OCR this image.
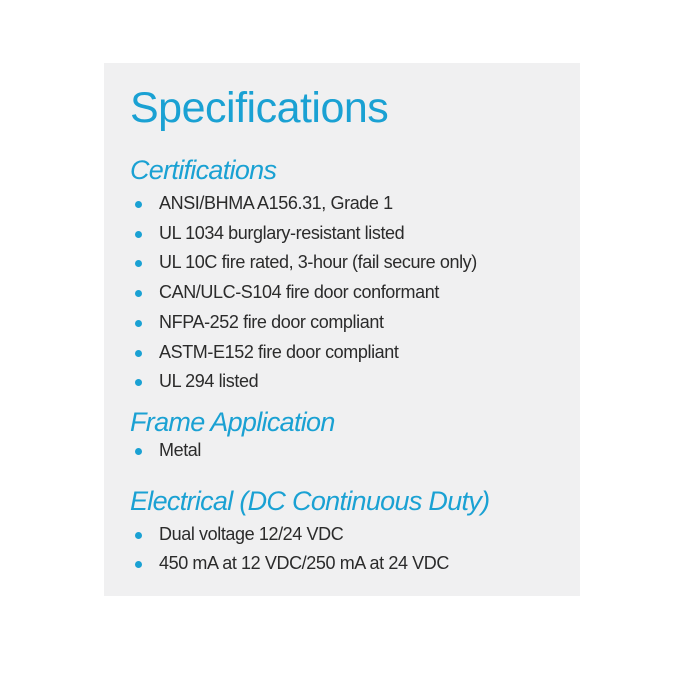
Specifications
Certifications
ANSI/BHMA A156.31, Grade 1
UL 1034 burglary-resistant listed
UL 10C fire rated, 3-hour (fail secure only)
CAN/ULC-S104 fire door conformant
NFPA-252 fire door compliant
ASTM-E152 fire door compliant
UL 294 listed
Frame Application
Metal
Electrical (DC Continuous Duty)
Dual voltage 12/24 VDC
450 mA at 12 VDC/250 mA at 24 VDC
